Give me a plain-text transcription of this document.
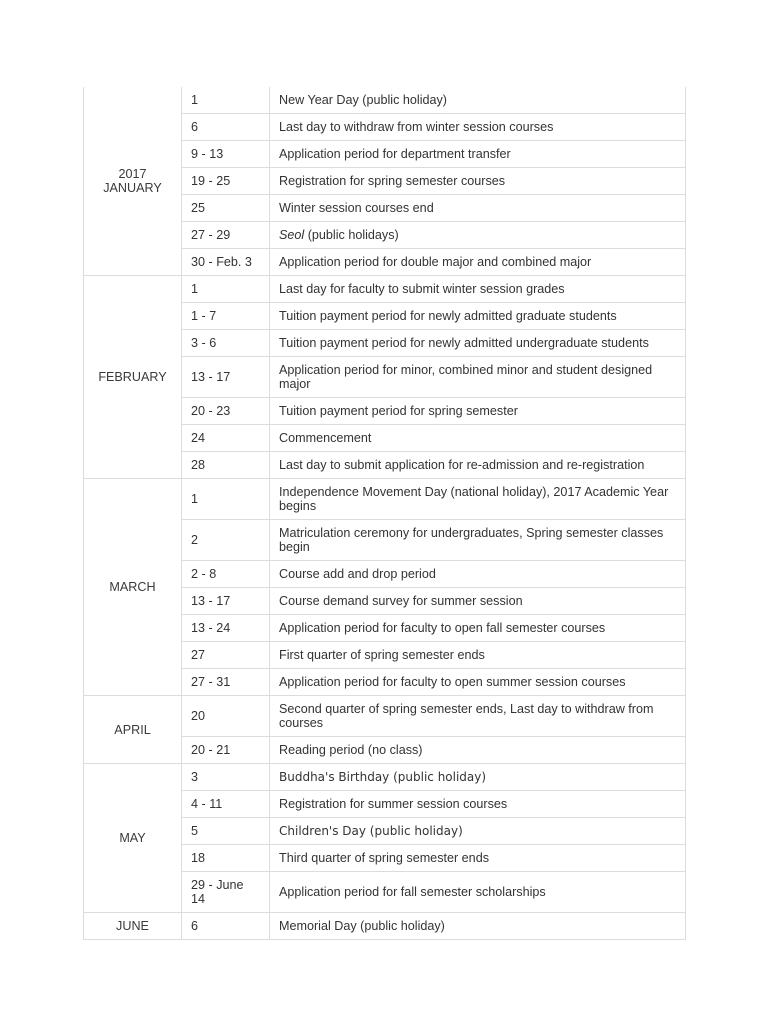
2017
JANUARY	1	New Year Day (public holiday)
	6	Last day to withdraw from winter session courses
	9 - 13	Application period for department transfer
	19 - 25	Registration for spring semester courses
	25	Winter session courses end
	27 - 29	Seol (public holidays)
	30 - Feb. 3	Application period for double major and combined major
FEBRUARY	1	Last day for faculty to submit winter session grades
	1 - 7	Tuition payment period for newly admitted graduate students
	3 - 6	Tuition payment period for newly admitted undergraduate students
	13 - 17	Application period for minor, combined minor and student designed major
	20 - 23	Tuition payment period for spring semester
	24	Commencement
	28	Last day to submit application for re-admission and re-registration
MARCH	1	Independence Movement Day (national holiday), 2017 Academic Year begins
	2	Matriculation ceremony for undergraduates, Spring semester classes begin
	2 - 8	Course add and drop period
	13 - 17	Course demand survey for summer session
	13 - 24	Application period for faculty to open fall semester courses
	27	First quarter of spring semester ends
	27 - 31	Application period for faculty to open summer session courses
APRIL	20	Second quarter of spring semester ends, Last day to withdraw from courses
	20 - 21	Reading period (no class)
MAY	3	Buddha's Birthday (public holiday)
	4 - 11	Registration for summer session courses
	5	Children's Day (public holiday)
	18	Third quarter of spring semester ends
	29 - June 14	Application period for fall semester scholarships
JUNE	6	Memorial Day (public holiday)
